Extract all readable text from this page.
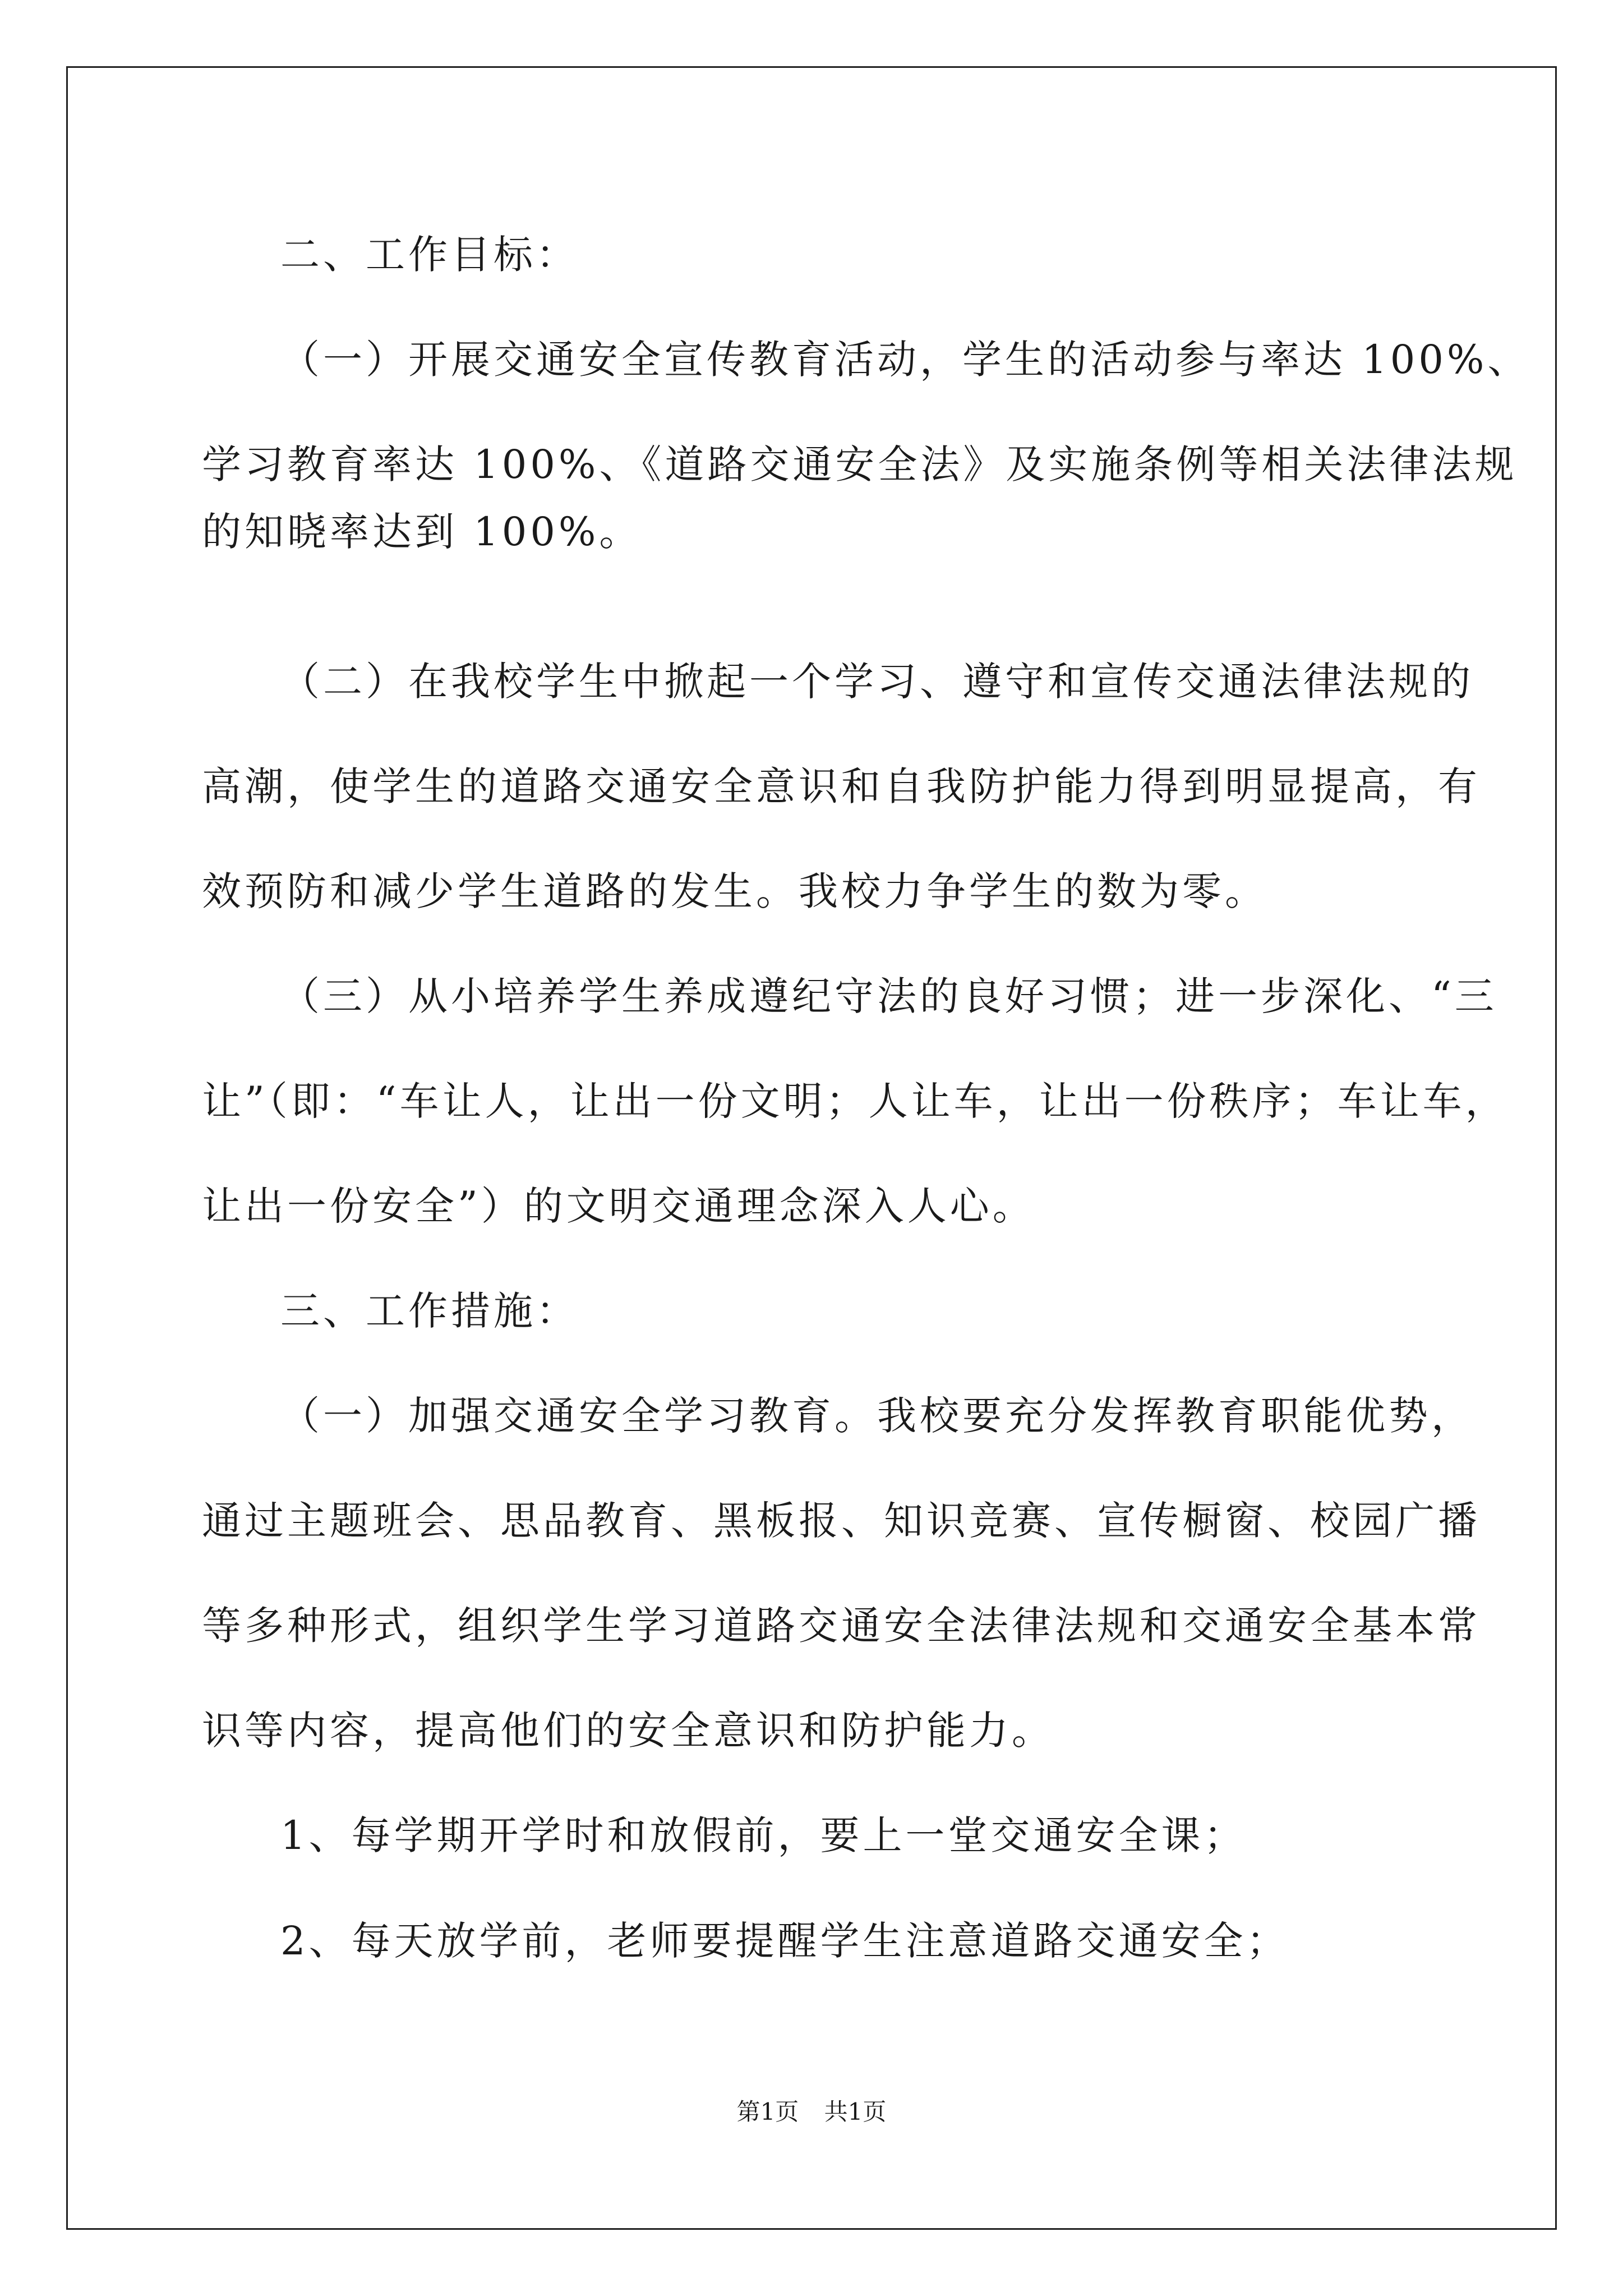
二、工作目标：
（一）开展交通安全宣传教育活动，学生的活动参与率达 100%、
学习教育率达 100%、《道路交通安全法》及实施条例等相关法律法规
的知晓率达到 100%。
（二）在我校学生中掀起一个学习、遵守和宣传交通法律法规的
高潮，使学生的道路交通安全意识和自我防护能力得到明显提高，有
效预防和减少学生道路的发生。我校力争学生的数为零。
（三）从小培养学生养成遵纪守法的良好习惯；进一步深化、“三
让”（即：“车让人，让出一份文明；人让车，让出一份秩序；车让车，
让出一份安全”）的文明交通理念深入人心。
三、工作措施：
（一）加强交通安全学习教育。我校要充分发挥教育职能优势，
通过主题班会、思品教育、黑板报、知识竞赛、宣传橱窗、校园广播
等多种形式，组织学生学习道路交通安全法律法规和交通安全基本常
识等内容，提高他们的安全意识和防护能力。
1、每学期开学时和放假前，要上一堂交通安全课；
2、每天放学前，老师要提醒学生注意道路交通安全；
第1页 共1页
